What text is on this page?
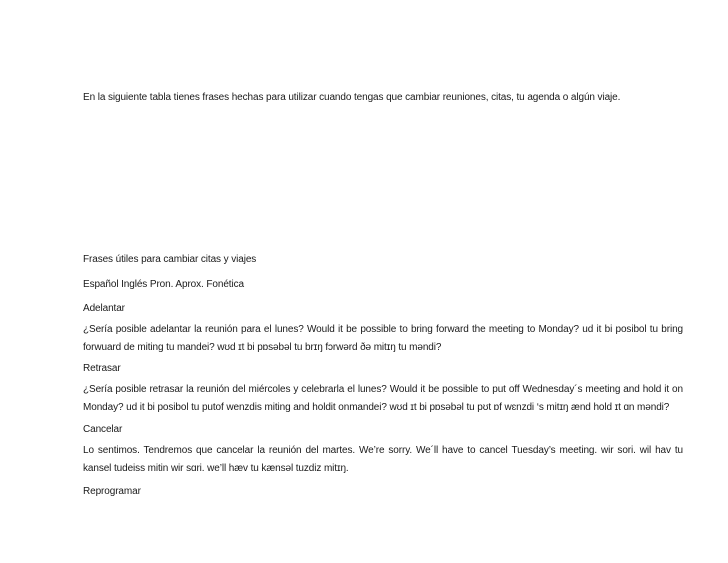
En la siguiente tabla tienes frases hechas para utilizar cuando tengas que cambiar reuniones, citas, tu agenda o algún viaje.
Frases útiles para cambiar citas y viajes
Español Inglés Pron. Aprox. Fonética
Adelantar
¿Sería posible adelantar la reunión para el lunes? Would it be possible to bring forward the meeting to Monday? ud it bi posibol tu bring forwuard de miting tu mandei? wʊd ɪt bi pɒsəbəl tu brɪŋ fɔrwərd ðə mitɪŋ tu məndi?
Retrasar
¿Sería posible retrasar la reunión del miércoles y celebrarla el lunes? Would it be possible to put off Wednesday´s meeting and hold it on Monday? ud it bi posibol tu putof wenzdis miting and holdit onmandei? wʊd ɪt bi pɒsəbəl tu pʊt ɒf wɛnzdi ‘s mitɪŋ ænd hold ɪt ɑn məndi?
Cancelar
Lo sentimos. Tendremos que cancelar la reunión del martes. We’re sorry. We´ll have to cancel Tuesday’s meeting. wir sori. wil hav tu kansel tudeiss mitin wir sɑri. we’ll hæv tu kænsəl tuzdiz mitɪŋ.
Reprogramar
